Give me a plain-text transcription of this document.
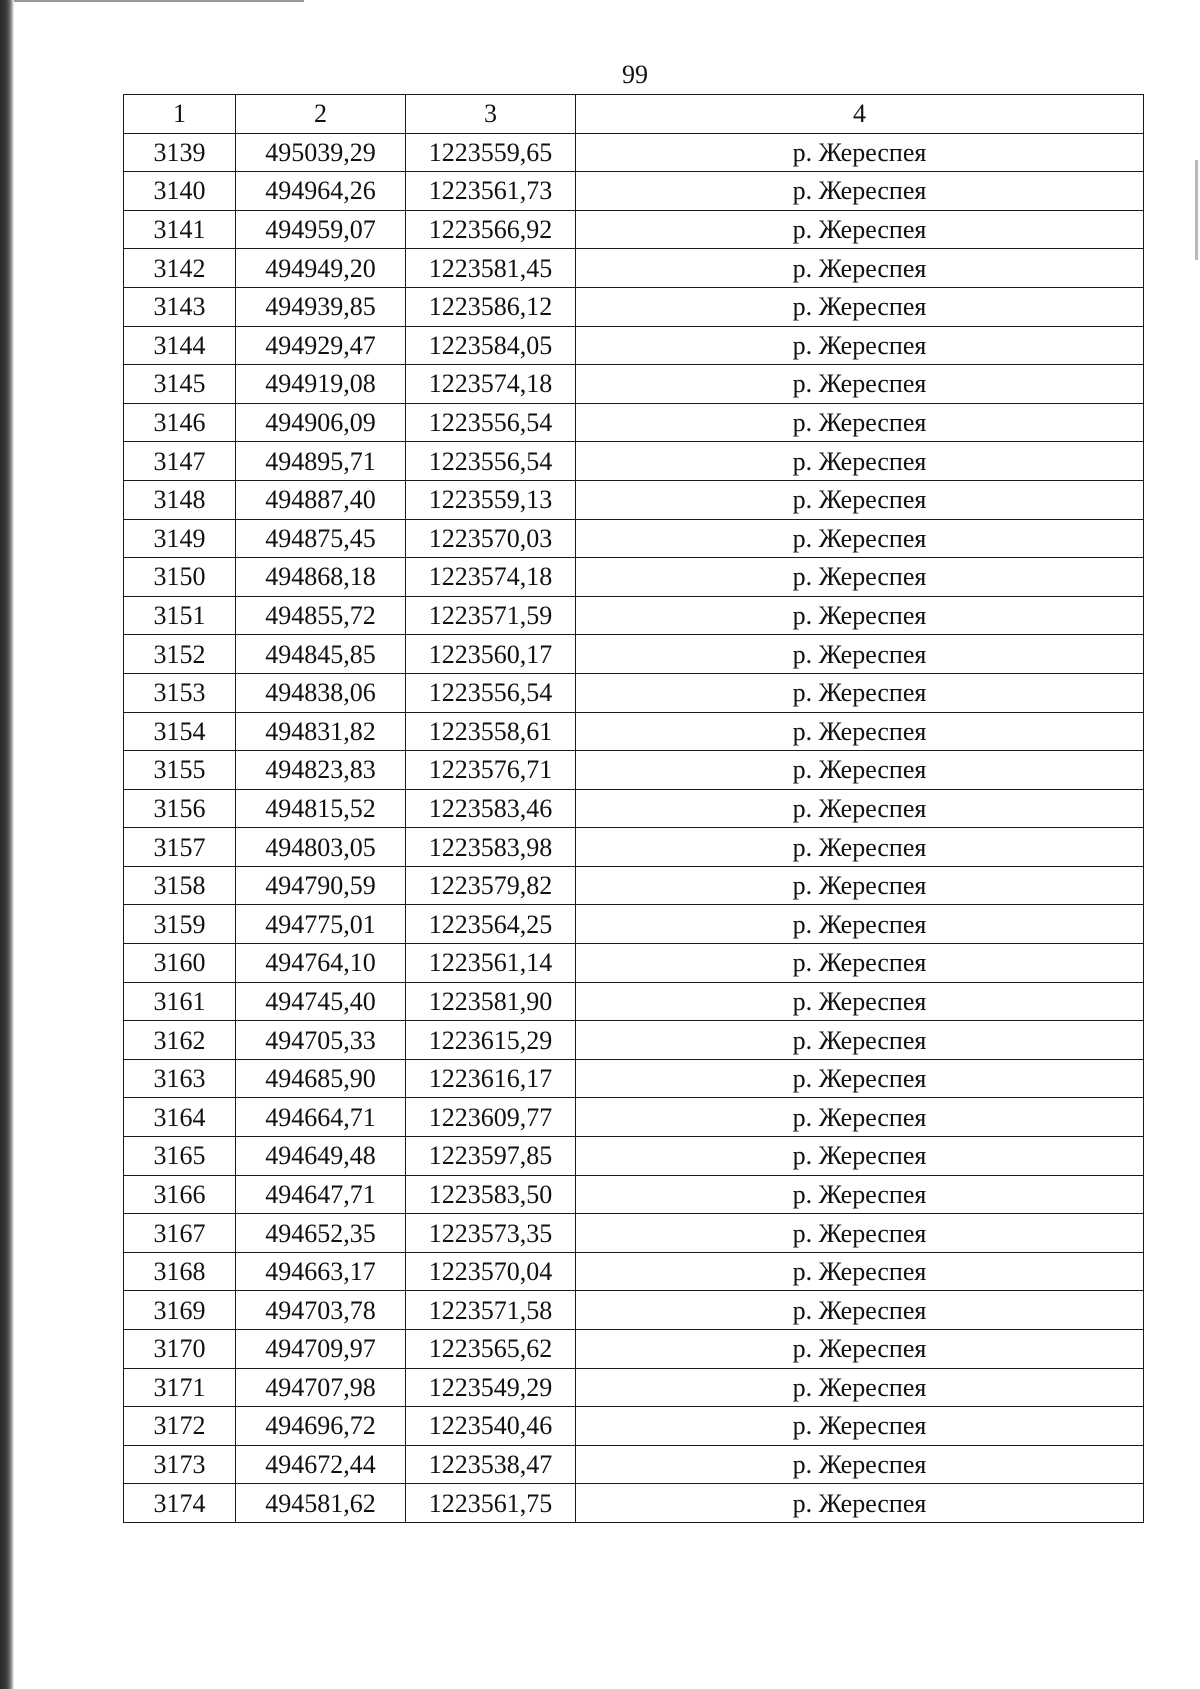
99
1	2	3	4
3139	495039,29	1223559,65	р. Жереспея
3140	494964,26	1223561,73	р. Жереспея
3141	494959,07	1223566,92	р. Жереспея
3142	494949,20	1223581,45	р. Жереспея
3143	494939,85	1223586,12	р. Жереспея
3144	494929,47	1223584,05	р. Жереспея
3145	494919,08	1223574,18	р. Жереспея
3146	494906,09	1223556,54	р. Жереспея
3147	494895,71	1223556,54	р. Жереспея
3148	494887,40	1223559,13	р. Жереспея
3149	494875,45	1223570,03	р. Жереспея
3150	494868,18	1223574,18	р. Жереспея
3151	494855,72	1223571,59	р. Жереспея
3152	494845,85	1223560,17	р. Жереспея
3153	494838,06	1223556,54	р. Жереспея
3154	494831,82	1223558,61	р. Жереспея
3155	494823,83	1223576,71	р. Жереспея
3156	494815,52	1223583,46	р. Жереспея
3157	494803,05	1223583,98	р. Жереспея
3158	494790,59	1223579,82	р. Жереспея
3159	494775,01	1223564,25	р. Жереспея
3160	494764,10	1223561,14	р. Жереспея
3161	494745,40	1223581,90	р. Жереспея
3162	494705,33	1223615,29	р. Жереспея
3163	494685,90	1223616,17	р. Жереспея
3164	494664,71	1223609,77	р. Жереспея
3165	494649,48	1223597,85	р. Жереспея
3166	494647,71	1223583,50	р. Жереспея
3167	494652,35	1223573,35	р. Жереспея
3168	494663,17	1223570,04	р. Жереспея
3169	494703,78	1223571,58	р. Жереспея
3170	494709,97	1223565,62	р. Жереспея
3171	494707,98	1223549,29	р. Жереспея
3172	494696,72	1223540,46	р. Жереспея
3173	494672,44	1223538,47	р. Жереспея
3174	494581,62	1223561,75	р. Жереспея
